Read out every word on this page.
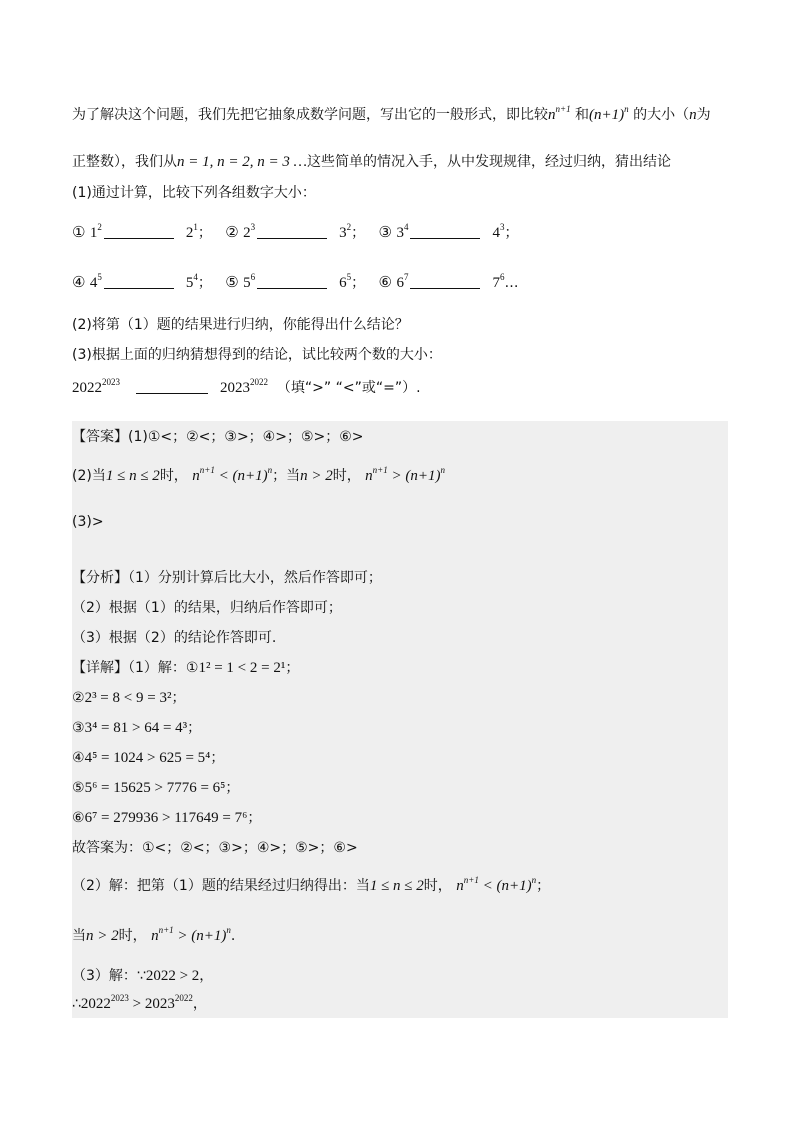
为了解决这个问题，我们先把它抽象成数学问题，写出它的一般形式，即比较$n^{n+1}$ 和$(n+1)^n$ 的大小（n为
正整数），我们从n = 1, n = 2, n = 3 …这些简单的情况入手，从中发现规律，经过归纳，猜出结论
(1)通过计算，比较下列各组数字大小：
① $1^2$	$2^1$； ② $2^3$	$3^2$； ③ $3^4$	$4^3$；
④ $4^5$	$5^4$； ⑤ $5^6$	$6^5$； ⑥ $6^7$	$7^6\dots$
(2)将第（1）题的结果进行归纳，你能得出什么结论？
(3)根据上面的归纳猜想得到的结论，试比较两个数的大小：
$2022^{2023}$	$2023^{2022}$ （填“>” “<”或“=”）.
【答案】(1)①<；②<；③>；④>；⑤>；⑥>
(2)当1 ≤ n ≤ 2时， $n^{n+1} < (n+1)^n$；当n > 2时， $n^{n+1} > (n+1)^n$
(3)>
【分析】（1）分别计算后比大小，然后作答即可；
（2）根据（1）的结果，归纳后作答即可；
（3）根据（2）的结论作答即可.
【详解】（1）解：①1² = 1 < 2 = 2¹；
②2³ = 8 < 9 = 3²；
③3⁴ = 81 > 64 = 4³；
④4⁵ = 1024 > 625 = 5⁴；
⑤5⁶ = 15625 > 7776 = 6⁵；
⑥6⁷ = 279936 > 117649 = 7⁶；
故答案为：①<；②<；③>；④>；⑤>；⑥>
（2）解：把第（1）题的结果经过归纳得出：当1 ≤ n ≤ 2时， $n^{n+1} < (n+1)^n$；
当n > 2时， $n^{n+1} > (n+1)^n$.
（3）解：∵2022 > 2，
$\therefore 2022^{2023} > 2023^{2022}$，
